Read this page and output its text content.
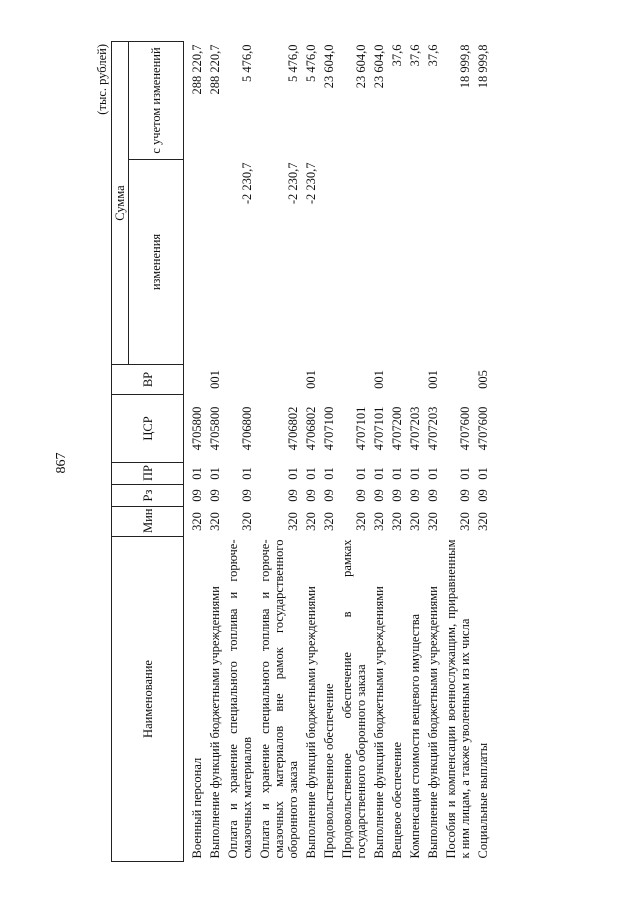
867
(тыс. рублей)
Наименование	Мин	Рз	ПР	ЦСР	ВР	Сумма	
						изменения	с учетом изменений

Военный персонал	320	09	01	4705800			288 220,7
Выполнение функций бюджетными учреждениями	320	09	01	4705800	001		288 220,7
Оплата и хранение специального топлива и горюче-смазочных материалов	320	09	01	4706800		-2 230,7	5 476,0
Оплата и хранение специального топлива и горюче-смазочных материалов вне рамок государственного оборонного заказа	320	09	01	4706802		-2 230,7	5 476,0
Выполнение функций бюджетными учреждениями	320	09	01	4706802	001	-2 230,7	5 476,0
Продовольственное обеспечение	320	09	01	4707100			23 604,0
Продовольственное обеспечение в рамках государственного оборонного заказа	320	09	01	4707101			23 604,0
Выполнение функций бюджетными учреждениями	320	09	01	4707101	001		23 604,0
Вещевое обеспечение	320	09	01	4707200			37,6
Компенсация стоимости вещевого имущества	320	09	01	4707203			37,6
Выполнение функций бюджетными учреждениями	320	09	01	4707203	001		37,6
Пособия и компенсации военнослужащим, приравненным к ним лицам, а также уволенным из их числа	320	09	01	4707600			18 999,8
Социальные выплаты	320	09	01	4707600	005		18 999,8
